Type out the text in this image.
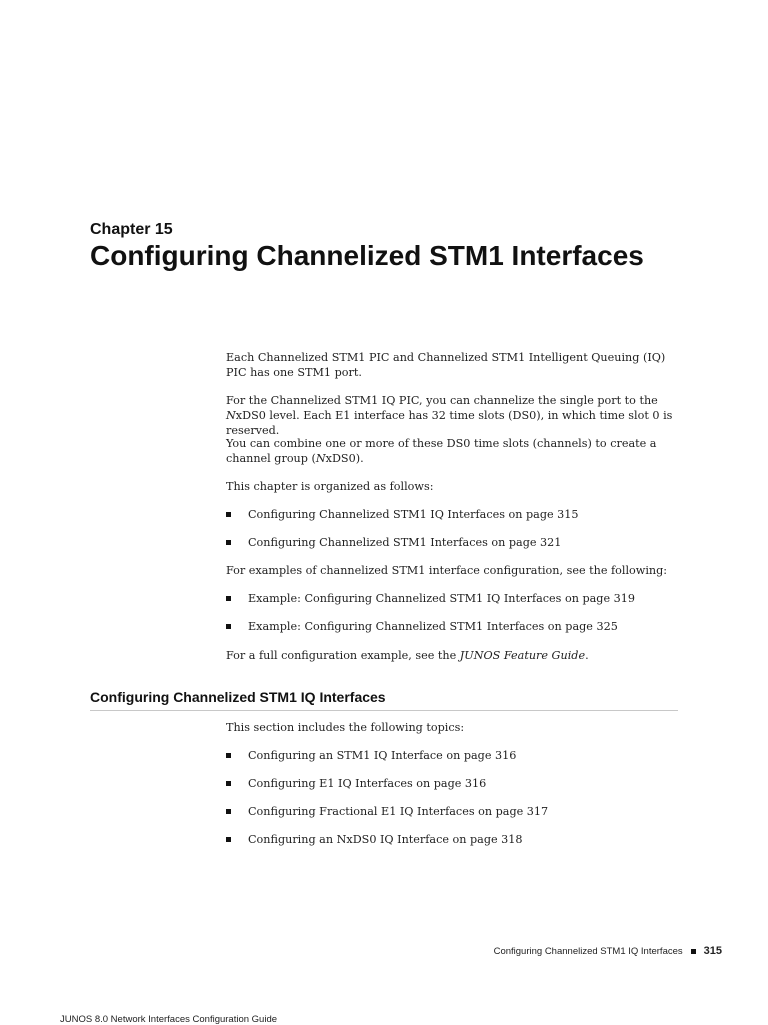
Chapter 15
Configuring Channelized STM1 Interfaces

Each Channelized STM1 PIC and Channelized STM1 Intelligent Queuing (IQ) PIC has one STM1 port.

For the Channelized STM1 IQ PIC, you can channelize the single port to the NxDS0 level. Each E1 interface has 32 time slots (DS0), in which time slot 0 is reserved.

You can combine one or more of these DS0 time slots (channels) to create a channel group (NxDS0).

This chapter is organized as follows:

Configuring Channelized STM1 IQ Interfaces on page 315
Configuring Channelized STM1 Interfaces on page 321

For examples of channelized STM1 interface configuration, see the following:

Example: Configuring Channelized STM1 IQ Interfaces on page 319
Example: Configuring Channelized STM1 Interfaces on page 325

For a full configuration example, see the JUNOS Feature Guide.

Configuring Channelized STM1 IQ Interfaces

This section includes the following topics:

Configuring an STM1 IQ Interface on page 316
Configuring E1 IQ Interfaces on page 316
Configuring Fractional E1 IQ Interfaces on page 317
Configuring an NxDS0 IQ Interface on page 318
Configuring Channelized STM1 IQ Interfaces 315
JUNOS 8.0 Network Interfaces Configuration Guide
